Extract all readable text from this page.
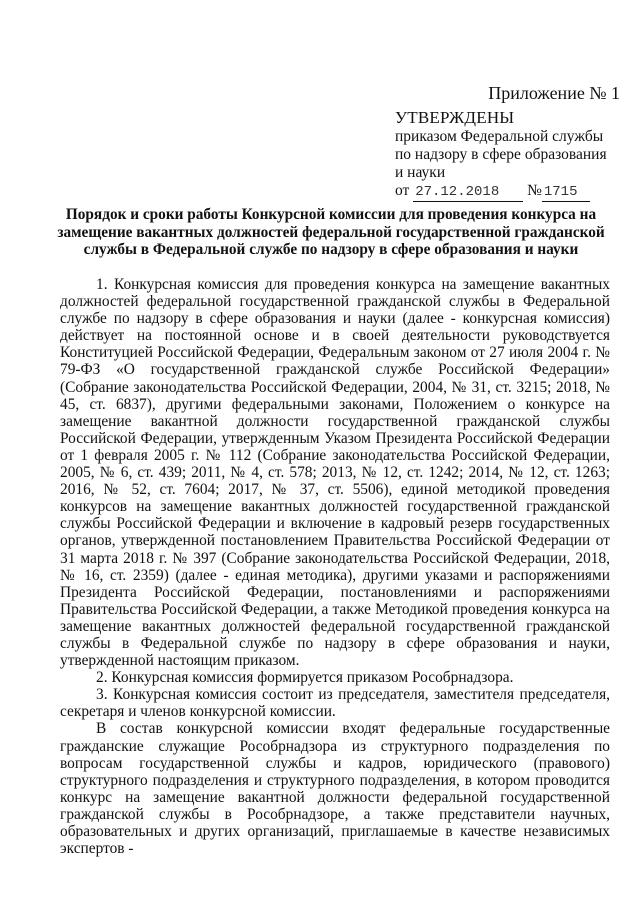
Приложение № 1
УТВЕРЖДЕНЫ
приказом Федеральной службы
по надзору в сфере образования
и науки
от 27.12.2018 № 1715
Порядок и сроки работы Конкурсной комиссии для проведения конкурса на замещение вакантных должностей федеральной государственной гражданской службы в Федеральной службе по надзору в сфере образования и науки

1. Конкурсная комиссия для проведения конкурса на замещение вакантных должностей федеральной государственной гражданской службы в Федеральной службе по надзору в сфере образования и науки (далее - конкурсная комиссия) действует на постоянной основе и в своей деятельности руководствуется Конституцией Российской Федерации, Федеральным законом от 27 июля 2004 г. № 79-ФЗ «О государственной гражданской службе Российской Федерации» (Собрание законодательства Российской Федерации, 2004, № 31, ст. 3215; 2018, № 45, ст. 6837), другими федеральными законами, Положением о конкурсе на замещение вакантной должности государственной гражданской службы Российской Федерации, утвержденным Указом Президента Российской Федерации от 1 февраля 2005 г. № 112 (Собрание законодательства Российской Федерации, 2005, № 6, ст. 439; 2011, № 4, ст. 578; 2013, № 12, ст. 1242; 2014, № 12, ст. 1263; 2016, № 52, ст. 7604; 2017, № 37, ст. 5506), единой методикой проведения конкурсов на замещение вакантных должностей государственной гражданской службы Российской Федерации и включение в кадровый резерв государственных органов, утвержденной постановлением Правительства Российской Федерации от 31 марта 2018 г. № 397 (Собрание законодательства Российской Федерации, 2018, № 16, ст. 2359) (далее - единая методика), другими указами и распоряжениями Президента Российской Федерации, постановлениями и распоряжениями Правительства Российской Федерации, а также Методикой проведения конкурса на замещение вакантных должностей федеральной государственной гражданской службы в Федеральной службе по надзору в сфере образования и науки, утвержденной настоящим приказом.

2. Конкурсная комиссия формируется приказом Рособрнадзора.

3. Конкурсная комиссия состоит из председателя, заместителя председателя, секретаря и членов конкурсной комиссии.

В состав конкурсной комиссии входят федеральные государственные гражданские служащие Рособрнадзора из структурного подразделения по вопросам государственной службы и кадров, юридического (правового) структурного подразделения и структурного подразделения, в котором проводится конкурс на замещение вакантной должности федеральной государственной гражданской службы в Рособрнадзоре, а также представители научных, образовательных и других организаций, приглашаемые в качестве независимых экспертов -
